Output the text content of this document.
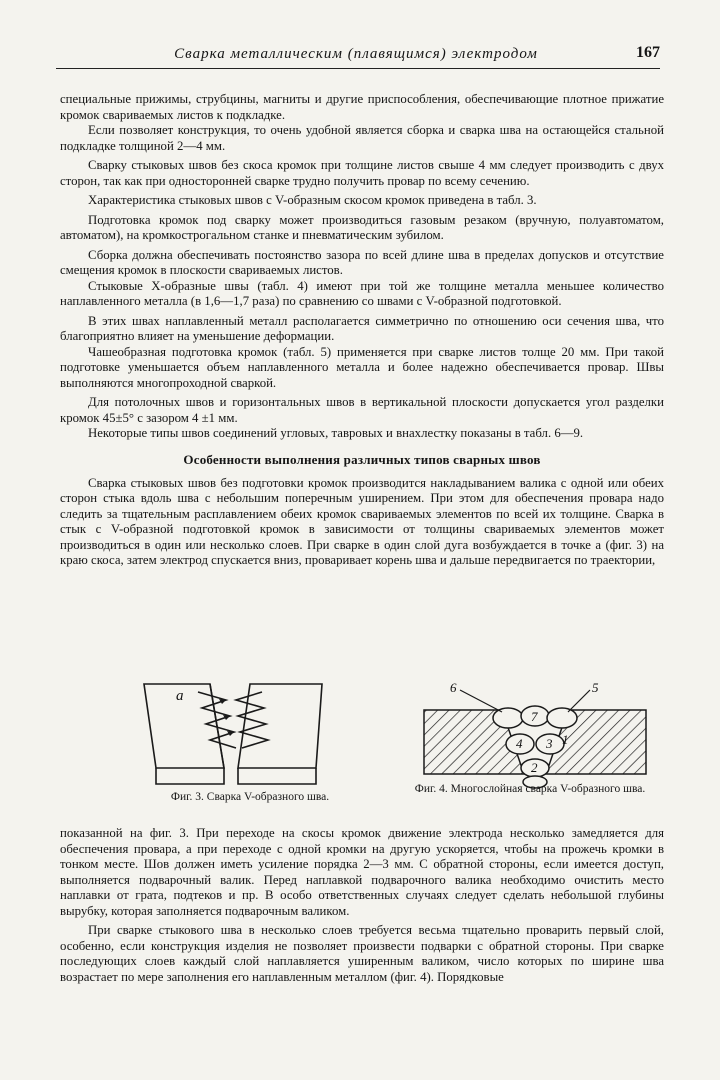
Сварка металлическим (плавящимся) электродом	167

специальные прижимы, струбцины, магниты и другие приспособления, обеспечивающие плотное прижатие кромок свариваемых листов к подкладке.

Если позволяет конструкция, то очень удобной является сборка и сварка шва на остающейся стальной подкладке толщиной 2—4 мм.

Сварку стыковых швов без скоса кромок при толщине листов свыше 4 мм следует производить с двух сторон, так как при односторонней сварке трудно получить провар по всему сечению.

Характеристика стыковых швов с V-образным скосом кромок приведена в табл. 3.

Подготовка кромок под сварку может производиться газовым резаком (вручную, полуавтоматом, автоматом), на кромкострогальном станке и пневматическим зубилом.

Сборка должна обеспечивать постоянство зазора по всей длине шва в пределах допусков и отсутствие смещения кромок в плоскости свариваемых листов.

Стыковые Х-образные швы (табл. 4) имеют при той же толщине металла меньшее количество наплавленного металла (в 1,6—1,7 раза) по сравнению со швами с V-образной подготовкой.

В этих швах наплавленный металл располагается симметрично по отношению оси сечения шва, что благоприятно влияет на уменьшение деформации.

Чашеобразная подготовка кромок (табл. 5) применяется при сварке листов толще 20 мм. При такой подготовке уменьшается объем наплавленного металла и более надежно обеспечивается провар. Швы выполняются многопроходной сваркой.

Для потолочных швов и горизонтальных швов в вертикальной плоскости допускается угол разделки кромок 45±5° с зазором 4 ±1 мм.

Некоторые типы швов соединений угловых, тавровых и внахлестку показаны в табл. 6—9.

Особенности выполнения различных типов сварных швов

Сварка стыковых швов без подготовки кромок производится накладыванием валика с одной или обеих сторон стыка вдоль шва с небольшим поперечным уширением. При этом для обеспечения провара надо следить за тщательным расплавлением обеих кромок свариваемых элементов по всей их толщине. Сварка в стык с V-образной подготовкой кромок в зависимости от толщины свариваемых элементов может производиться в один или несколько слоев. При сварке в один слой дуга возбуждается в точке а (фиг. 3) на краю скоса, затем электрод спускается вниз, проваривает корень шва и дальше передвигается по траектории,

а
6	5
7
3
4	1
2
Фиг. 3. Сварка V-образного шва.
Фиг. 4. Многослойная сварка V-образного шва.

показанной на фиг. 3. При переходе на скосы кромок движение электрода несколько замедляется для обеспечения провара, а при переходе с одной кромки на другую ускоряется, чтобы на прожечь кромки в тонком месте. Шов должен иметь усиление порядка 2—3 мм. С обратной стороны, если имеется доступ, выполняется подварочный валик. Перед наплавкой подварочного валика необходимо очистить место наплавки от грата, подтеков и пр. В особо ответственных случаях следует сделать небольшой глубины вырубку, которая заполняется подварочным валиком.

При сварке стыкового шва в несколько слоев требуется весьма тщательно проварить первый слой, особенно, если конструкция изделия не позволяет произвести подварки с обратной стороны. При сварке последующих слоев каждый слой наплавляется уширенным валиком, число которых по ширине шва возрастает по мере заполнения его наплавленным металлом (фиг. 4). Порядковые
